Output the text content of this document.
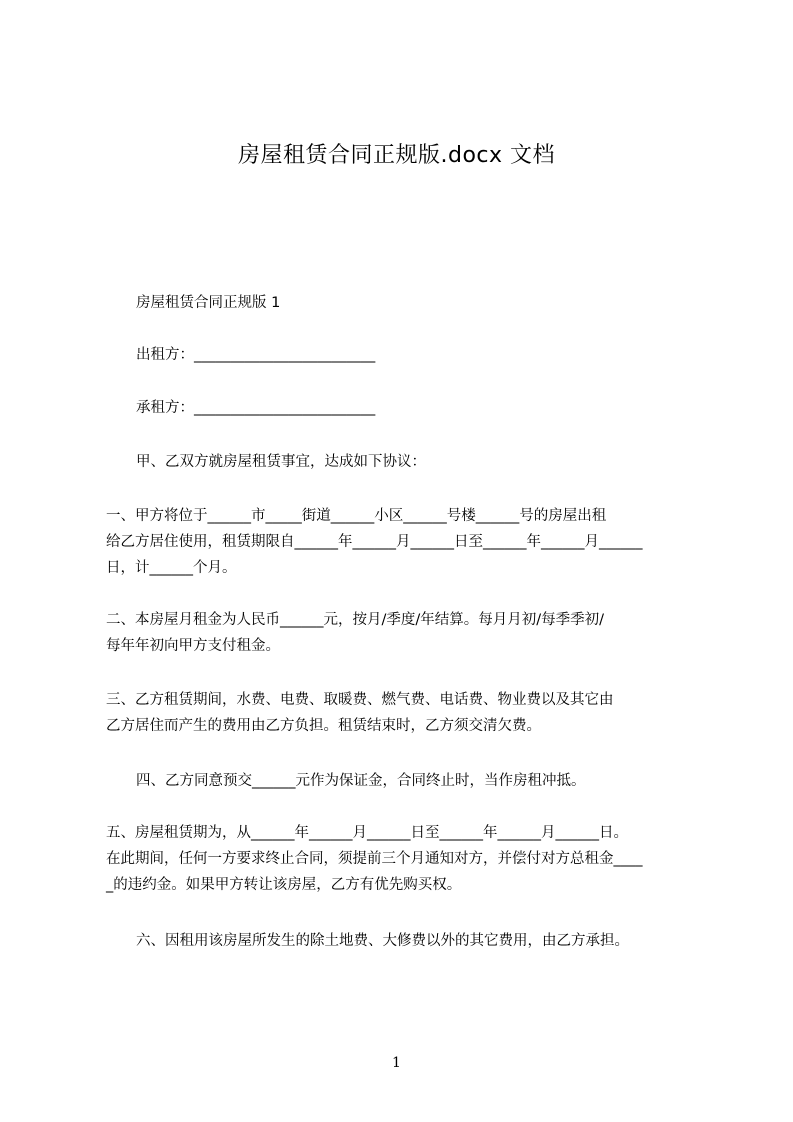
房屋租赁合同正规版.docx 文档
房屋租赁合同正规版 1
出租方：_________________________
承租方：_________________________
甲、乙双方就房屋租赁事宜，达成如下协议：
一、甲方将位于______市_____街道______小区______号楼______号的房屋出租
给乙方居住使用，租赁期限自______年______月______日至______年______月______
日，计______个月。
二、本房屋月租金为人民币______元，按月/季度/年结算。每月月初/每季季初/
每年年初向甲方支付租金。
三、乙方租赁期间，水费、电费、取暖费、燃气费、电话费、物业费以及其它由
乙方居住而产生的费用由乙方负担。租赁结束时，乙方须交清欠费。
四、乙方同意预交______元作为保证金，合同终止时，当作房租冲抵。
五、房屋租赁期为，从______年______月______日至______年______月______日。
在此期间，任何一方要求终止合同，须提前三个月通知对方，并偿付对方总租金____
_的违约金。如果甲方转让该房屋，乙方有优先购买权。
六、因租用该房屋所发生的除土地费、大修费以外的其它费用，由乙方承担。
1
